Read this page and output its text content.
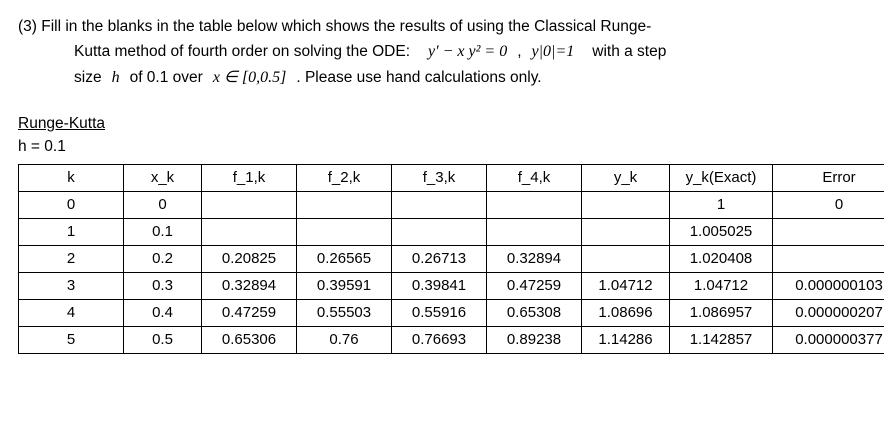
(3) Fill in the blanks in the table below which shows the results of using the Classical Runge-
Kutta method of fourth order on solving the ODE: y′ − x y² = 0 , y|0|=1 with a step
size h of 0.1 over x ∈ [0,0.5] . Please use hand calculations only.
Runge-Kutta
h = 0.1
k	x_k	f_1,k	f_2,k	f_3,k	f_4,k	y_k	y_k(Exact)	Error
0	0						1	0
1	0.1						1.005025	
2	0.2	0.20825	0.26565	0.26713	0.32894		1.020408	
3	0.3	0.32894	0.39591	0.39841	0.47259	1.04712	1.04712	0.000000103

4	0.4	0.47259	0.55503	0.55916	0.65308	1.08696	1.086957	0.000000207

5	0.5	0.65306	0.76	0.76693	0.89238	1.14286	1.142857	0.000000377
